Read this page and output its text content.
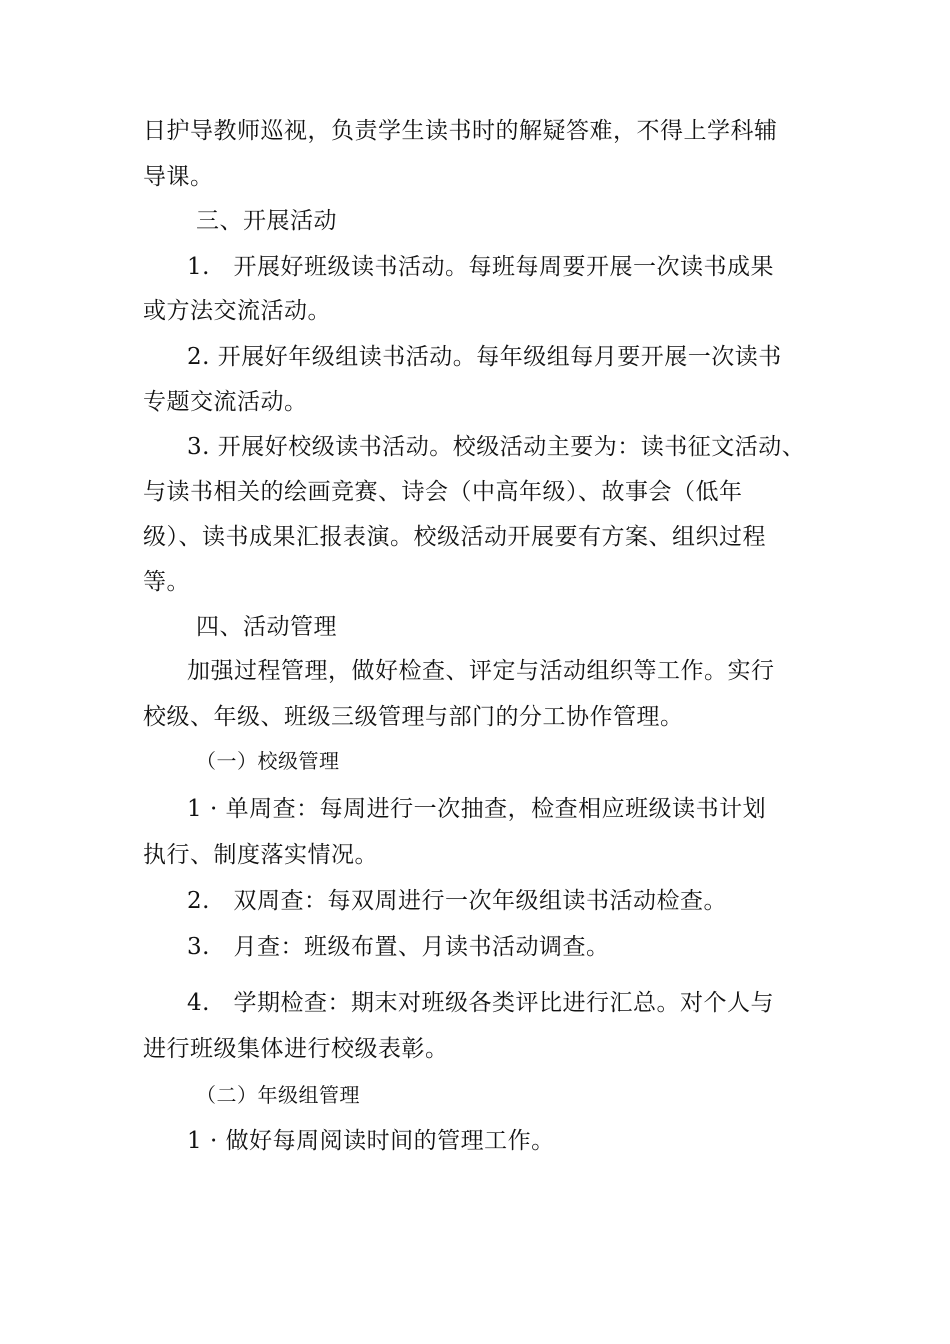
日护导教师巡视，负责学生读书时的解疑答难，不得上学科辅
导课。
三、开展活动
1.　开展好班级读书活动。每班每周要开展一次读书成果
或方法交流活动。
2. 开展好年级组读书活动。每年级组每月要开展一次读书
专题交流活动。
3. 开展好校级读书活动。校级活动主要为：读书征文活动、
与读书相关的绘画竞赛、诗会（中高年级）、故事会（低年
级）、读书成果汇报表演。校级活动开展要有方案、组织过程
等。
四、活动管理
加强过程管理，做好检查、评定与活动组织等工作。实行
校级、年级、班级三级管理与部门的分工协作管理。
（一）校级管理
1 · 单周查：每周进行一次抽查，检查相应班级读书计划
执行、制度落实情况。
2.　双周查：每双周进行一次年级组读书活动检查。
3.　月查：班级布置、月读书活动调查。
4.　学期检查：期末对班级各类评比进行汇总。对个人与
进行班级集体进行校级表彰。
（二）年级组管理
1 · 做好每周阅读时间的管理工作。
